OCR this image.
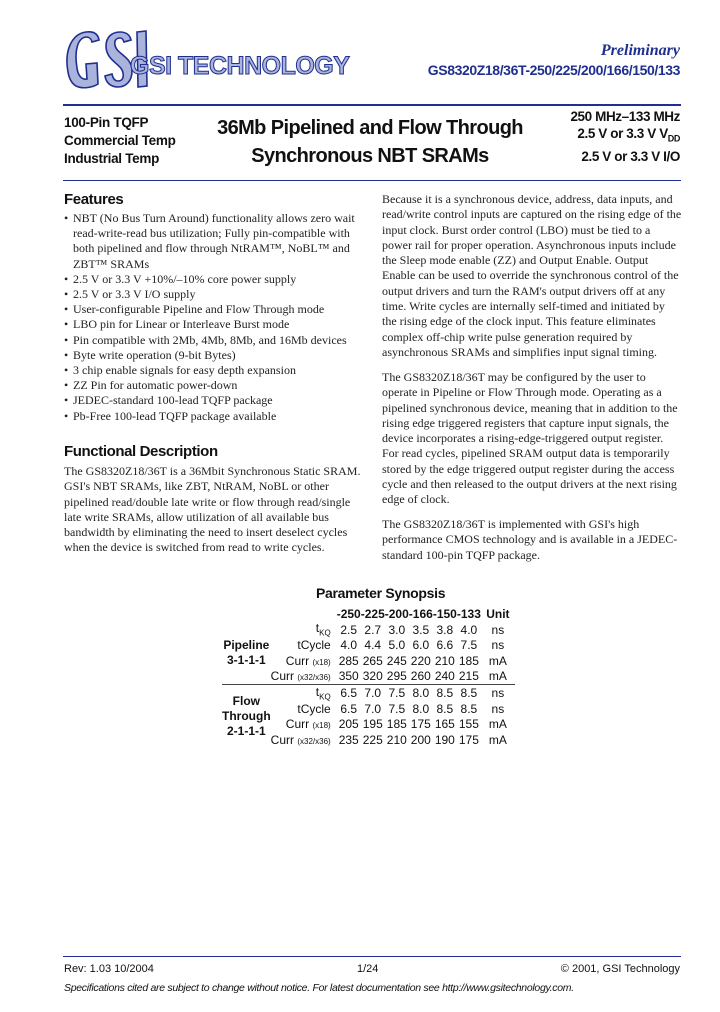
GSI TECHNOLOGY
Preliminary
GS8320Z18/36T-250/225/200/166/150/133
100-Pin TQFP
Commercial Temp
Industrial Temp
36Mb Pipelined and Flow Through
Synchronous NBT SRAMs
250 MHz–133 MHz
2.5 V or 3.3 V $V_{DD}$
2.5 V or 3.3 V I/O
Features
• NBT (No Bus Turn Around) functionality allows zero wait read-write-read bus utilization; Fully pin-compatible with both pipelined and flow through NtRAM™, NoBL™ and ZBT™ SRAMs
• 2.5 V or 3.3 V +10%/–10% core power supply
• 2.5 V or 3.3 V I/O supply
• User-configurable Pipeline and Flow Through mode
• LBO pin for Linear or Interleave Burst mode
• Pin compatible with 2Mb, 4Mb, 8Mb, and 16Mb devices
• Byte write operation (9-bit Bytes)
• 3 chip enable signals for easy depth expansion
• ZZ Pin for automatic power-down
• JEDEC-standard 100-lead TQFP package
• Pb-Free 100-lead TQFP package available
Functional Description

The GS8320Z18/36T is a 36Mbit Synchronous Static SRAM. GSI's NBT SRAMs, like ZBT, NtRAM, NoBL or other pipelined read/double late write or flow through read/single late write SRAMs, allow utilization of all available bus bandwidth by eliminating the need to insert deselect cycles when the device is switched from read to write cycles.

Because it is a synchronous device, address, data inputs, and read/write control inputs are captured on the rising edge of the input clock. Burst order control (LBO) must be tied to a power rail for proper operation. Asynchronous inputs include the Sleep mode enable (ZZ) and Output Enable. Output Enable can be used to override the synchronous control of the output drivers and turn the RAM's output drivers off at any time. Write cycles are internally self-timed and initiated by the rising edge of the clock input. This feature eliminates complex off-chip write pulse generation required by asynchronous SRAMs and simplifies input signal timing.

The GS8320Z18/36T may be configured by the user to operate in Pipeline or Flow Through mode. Operating as a pipelined synchronous device, meaning that in addition to the rising edge triggered registers that capture input signals, the device incorporates a rising-edge-triggered output register. For read cycles, pipelined SRAM output data is temporarily stored by the edge triggered output register during the access cycle and then released to the output drivers at the next rising edge of clock.

The GS8320Z18/36T is implemented with GSI's high performance CMOS technology and is available in a JEDEC-standard 100-pin TQFP package.

Parameter Synopsis
		-250	-225	-200	-166	-150	-133	Unit

Pipeline
3-1-1-1	$t_{KQ}$	2.5	2.7	3.0	3.5	3.8	4.0	ns
	tCycle	4.0	4.4	5.0	6.0	6.6	7.5	ns
	Curr (x18)	285	265	245	220	210	185	mA
	Curr (x32/x36)	350	320	295	260	240	215	mA

Flow
Through
2-1-1-1	$t_{KQ}$	6.5	7.0	7.5	8.0	8.5	8.5	ns
	tCycle	6.5	7.0	7.5	8.0	8.5	8.5	ns
	Curr (x18)	205	195	185	175	165	155	mA
	Curr (x32/x36)	235	225	210	200	190	175	mA
Rev: 1.03 10/2004	1/24	© 2001, GSI Technology
Specifications cited are subject to change without notice. For latest documentation see http://www.gsitechnology.com.
